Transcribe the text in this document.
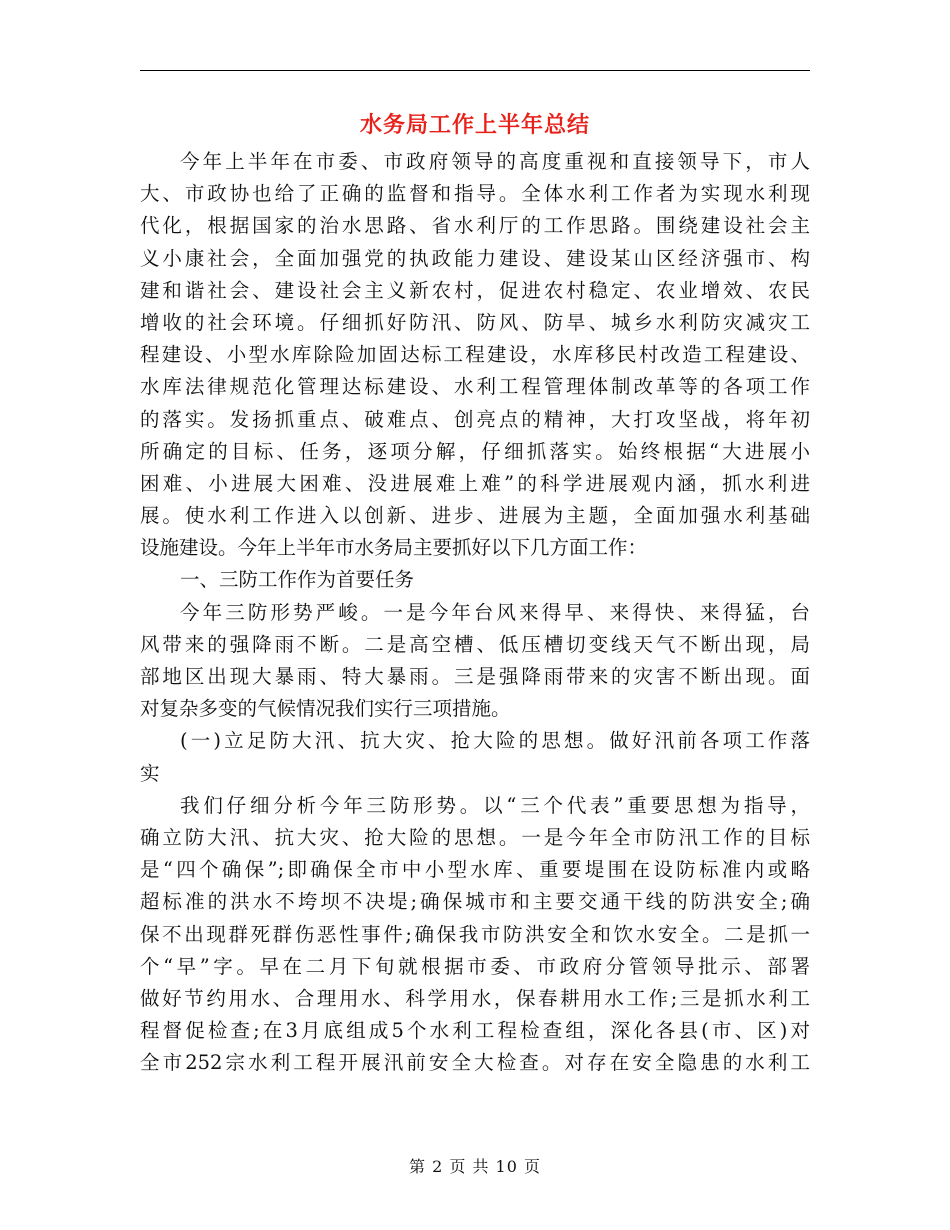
水务局工作上半年总结
今年上半年在市委、市政府领导的高度重视和直接领导下，市人
大、市政协也给了正确的监督和指导。全体水利工作者为实现水利现
代化，根据国家的治水思路、省水利厅的工作思路。围绕建设社会主
义小康社会，全面加强党的执政能力建设、建设某山区经济强市、构
建和谐社会、建设社会主义新农村，促进农村稳定、农业增效、农民
增收的社会环境。仔细抓好防汛、防风、防旱、城乡水利防灾减灾工
程建设、小型水库除险加固达标工程建设，水库移民村改造工程建设、
水库法律规范化管理达标建设、水利工程管理体制改革等的各项工作
的落实。发扬抓重点、破难点、创亮点的精神，大打攻坚战，将年初
所确定的目标、任务，逐项分解，仔细抓落实。始终根据“大进展小
困难、小进展大困难、没进展难上难”的科学进展观内涵，抓水利进
展。使水利工作进入以创新、进步、进展为主题，全面加强水利基础
设施建设。今年上半年市水务局主要抓好以下几方面工作：
一、三防工作作为首要任务
今年三防形势严峻。一是今年台风来得早、来得快、来得猛，台
风带来的强降雨不断。二是高空槽、低压槽切变线天气不断出现，局
部地区出现大暴雨、特大暴雨。三是强降雨带来的灾害不断出现。面
对复杂多变的气候情况我们实行三项措施。
(一)立足防大汛、抗大灾、抢大险的思想。做好汛前各项工作落
实
我们仔细分析今年三防形势。以“三个代表”重要思想为指导，
确立防大汛、抗大灾、抢大险的思想。一是今年全市防汛工作的目标
是“四个确保”;即确保全市中小型水库、重要堤围在设防标准内或略
超标准的洪水不垮坝不决堤;确保城市和主要交通干线的防洪安全;确
保不出现群死群伤恶性事件;确保我市防洪安全和饮水安全。二是抓一
个“早”字。早在二月下旬就根据市委、市政府分管领导批示、部署
做好节约用水、合理用水、科学用水，保春耕用水工作;三是抓水利工
程督促检查;在3月底组成5个水利工程检查组，深化各县(市、区)对
全市252宗水利工程开展汛前安全大检查。对存在安全隐患的水利工
第 2 页 共 10 页
